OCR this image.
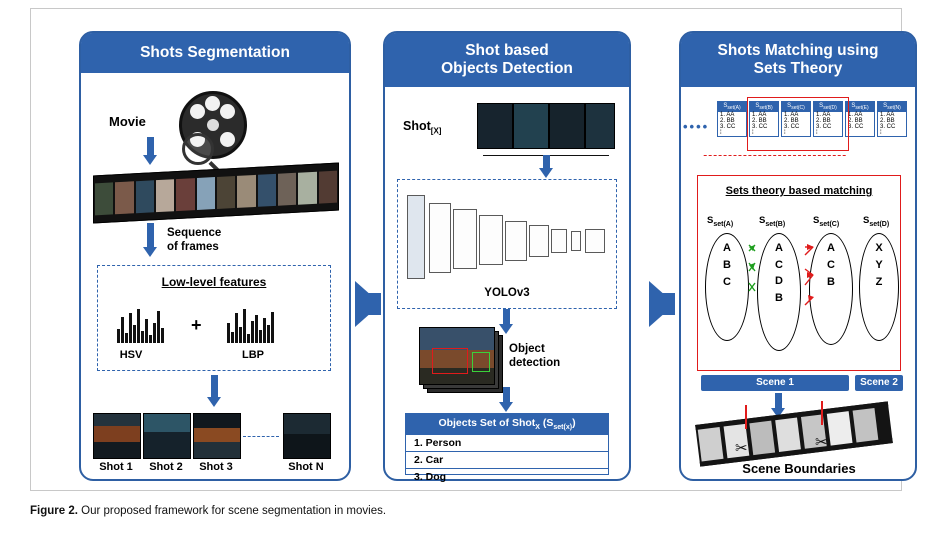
Shots Segmentation
Movie
Sequence
of frames
Low-level features
+
HSV	LBP
Shot 1	Shot 2	Shot 3	Shot N
Shot based
Objects Detection
Shot$_{[X]}$
YOLOv3
Object
detection
Objects Set of Shot$_X$ $(S_{set(x)})$
1. Person
2. Car
3. Dog
Shots Matching using
Sets Theory
••••
$S_{set(A)}$
1. AA
2. BB
3. CC
⁞
$S_{set(B)}$
1. AA
2. BB
3. CC
⁞
$S_{set(C)}$
1. AA
2. BB
3. CC
⁞
$S_{set(D)}$
1. AA
2. BB
3. CC
⁞
$S_{set(E)}$
1. AA
2. BB
3. CC
⁞
$S_{set(N)}$
1. AA
2. BB
3. CC
⁞
Sets theory based matching
$S_{set(A)}$	$S_{set(B)}$	$S_{set(C)}$	$S_{set(D)}$
A
B
C
A
C
D
B
A
C
B
X
Y
Z
Scene 1	Scene 2
✂	✂
Scene Boundaries
Figure 2. Our proposed framework for scene segmentation in movies.
